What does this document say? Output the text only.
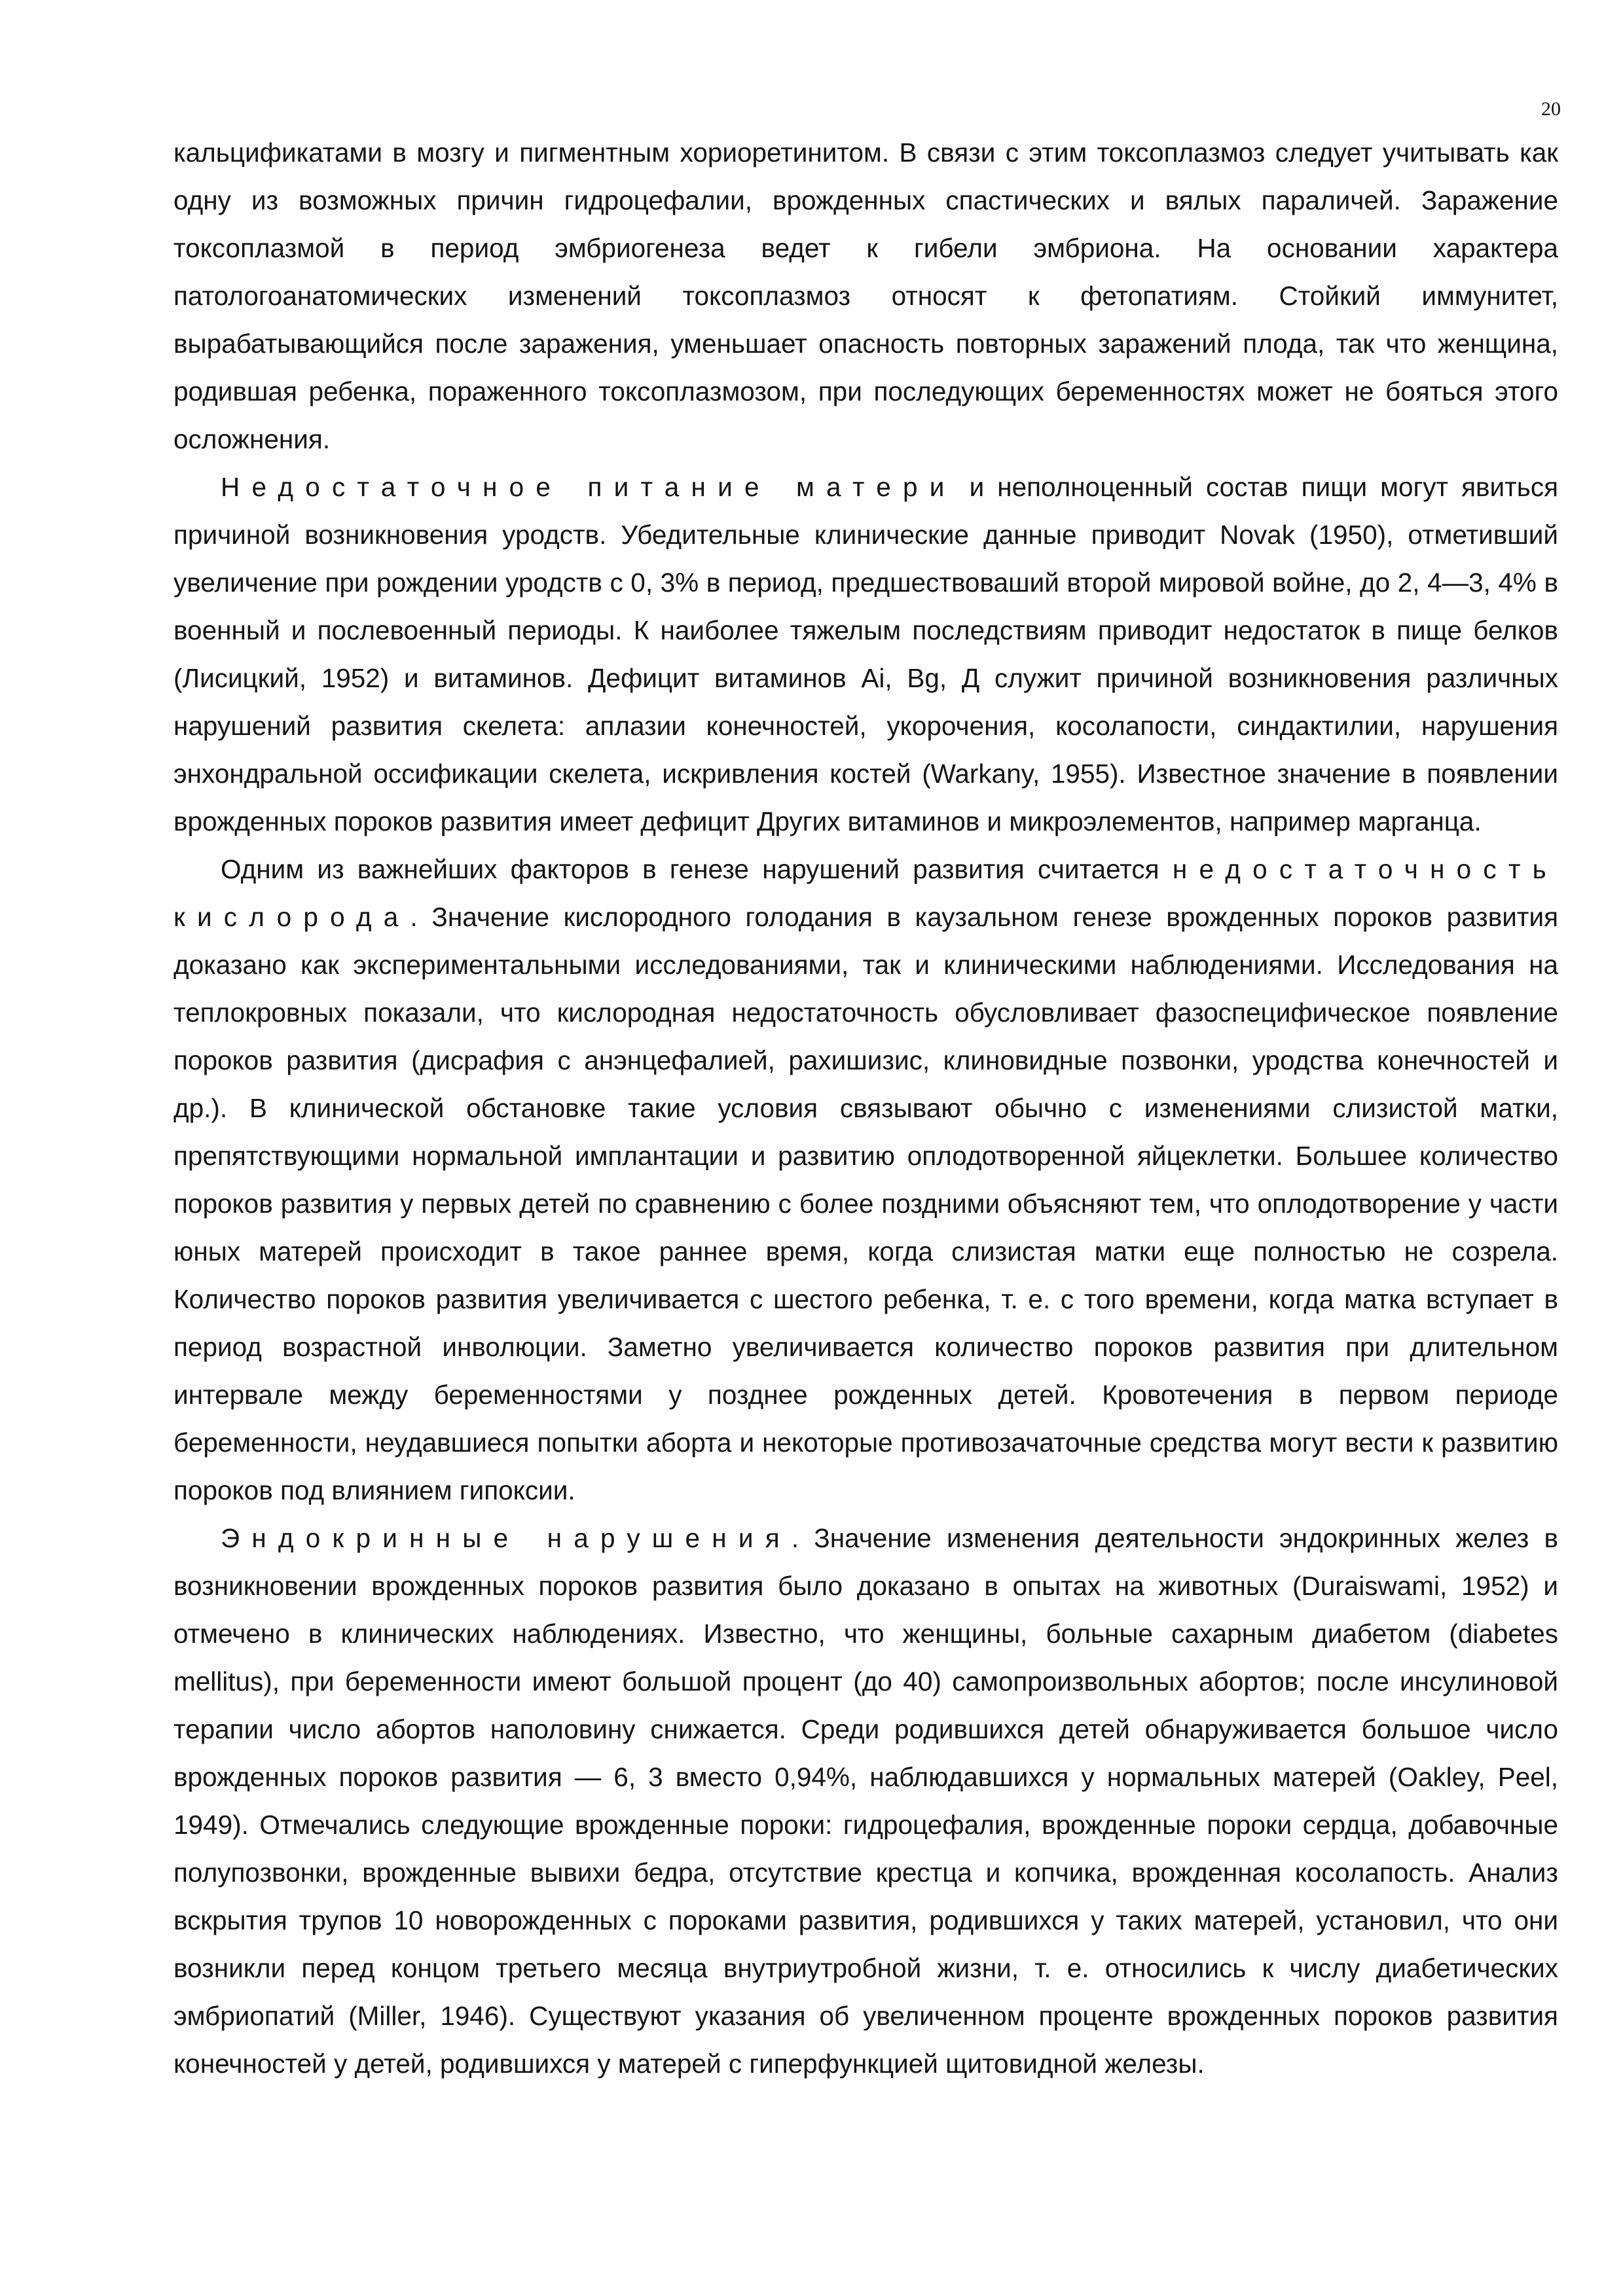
20

кальцификатами в мозгу и пигментным хориоретинитом. В связи с этим токсоплазмоз следует учитывать как одну из возможных причин гидроцефалии, врожденных спастических и вялых параличей. Заражение токсоплазмой в период эмбриогенеза ведет к гибели эмбриона. На основании характера патологоанатомических изменений токсоплазмоз относят к фетопатиям. Стойкий иммунитет, вырабатывающийся после заражения, уменьшает опасность повторных заражений плода, так что женщина, родившая ребенка, пораженного токсоплазмозом, при последующих беременностях может не бояться этого осложнения.

Недостаточное питание матери и неполноценный состав пищи могут явиться причиной возникновения уродств. Убедительные клинические данные приводит Novak (1950), отметивший увеличение при рождении уродств с 0, 3% в период, предшествоваший второй мировой войне, до 2, 4—3, 4% в военный и послевоенный периоды. К наиболее тяжелым последствиям приводит недостаток в пище белков (Лисицкий, 1952) и витаминов. Дефицит витаминов Ai, Bg, Д служит причиной возникновения различных нарушений развития скелета: аплазии конечностей, укорочения, косолапости, синдактилии, нарушения энхондральной оссификации скелета, искривления костей (Warkany, 1955). Известное значение в появлении врожденных пороков развития имеет дефицит Других витаминов и микроэлементов, например марганца.

Одним из важнейших факторов в генезе нарушений развития считается недостаточность кислорода. Значение кислородного голодания в каузальном генезе врожденных пороков развития доказано как экспериментальными исследованиями, так и клиническими наблюдениями. Исследования на теплокровных показали, что кислородная недостаточность обусловливает фазоспецифическое появление пороков развития (дисрафия с анэнцефалией, рахишизис, клиновидные позвонки, уродства конечностей и др.). В клинической обстановке такие условия связывают обычно с изменениями слизистой матки, препятствующими нормальной имплантации и развитию оплодотворенной яйцеклетки. Большее количество пороков развития у первых детей по сравнению с более поздними объясняют тем, что оплодотворение у части юных матерей происходит в такое раннее время, когда слизистая матки еще полностью не созрела. Количество пороков развития увеличивается с шестого ребенка, т. е. с того времени, когда матка вступает в период возрастной инволюции. Заметно увеличивается количество пороков развития при длительном интервале между беременностями у позднее рожденных детей. Кровотечения в первом периоде беременности, неудавшиеся попытки аборта и некоторые противозачаточные средства могут вести к развитию пороков под влиянием гипоксии.

Эндокринные нарушения. Значение изменения деятельности эндокринных желез в возникновении врожденных пороков развития было доказано в опытах на животных (Duraiswami, 1952) и отмечено в клинических наблюдениях. Известно, что женщины, больные сахарным диабетом (diabetes mellitus), при беременности имеют большой процент (до 40) самопроизвольных абортов; после инсулиновой терапии число абортов наполовину снижается. Среди родившихся детей обнаруживается большое число врожденных пороков развития — 6, 3 вместо 0,94%, наблюдавшихся у нормальных матерей (Oakley, Peel, 1949). Отмечались следующие врожденные пороки: гидроцефалия, врожденные пороки сердца, добавочные полупозвонки, врожденные вывихи бедра, отсутствие крестца и копчика, врожденная косолапость. Анализ вскрытия трупов 10 новорожденных с пороками развития, родившихся у таких матерей, установил, что они возникли перед концом третьего месяца внутриутробной жизни, т. е. относились к числу диабетических эмбриопатий (Miller, 1946). Существуют указания об увеличенном проценте врожденных пороков развития конечностей у детей, родившихся у матерей с гиперфункцией щитовидной железы.
